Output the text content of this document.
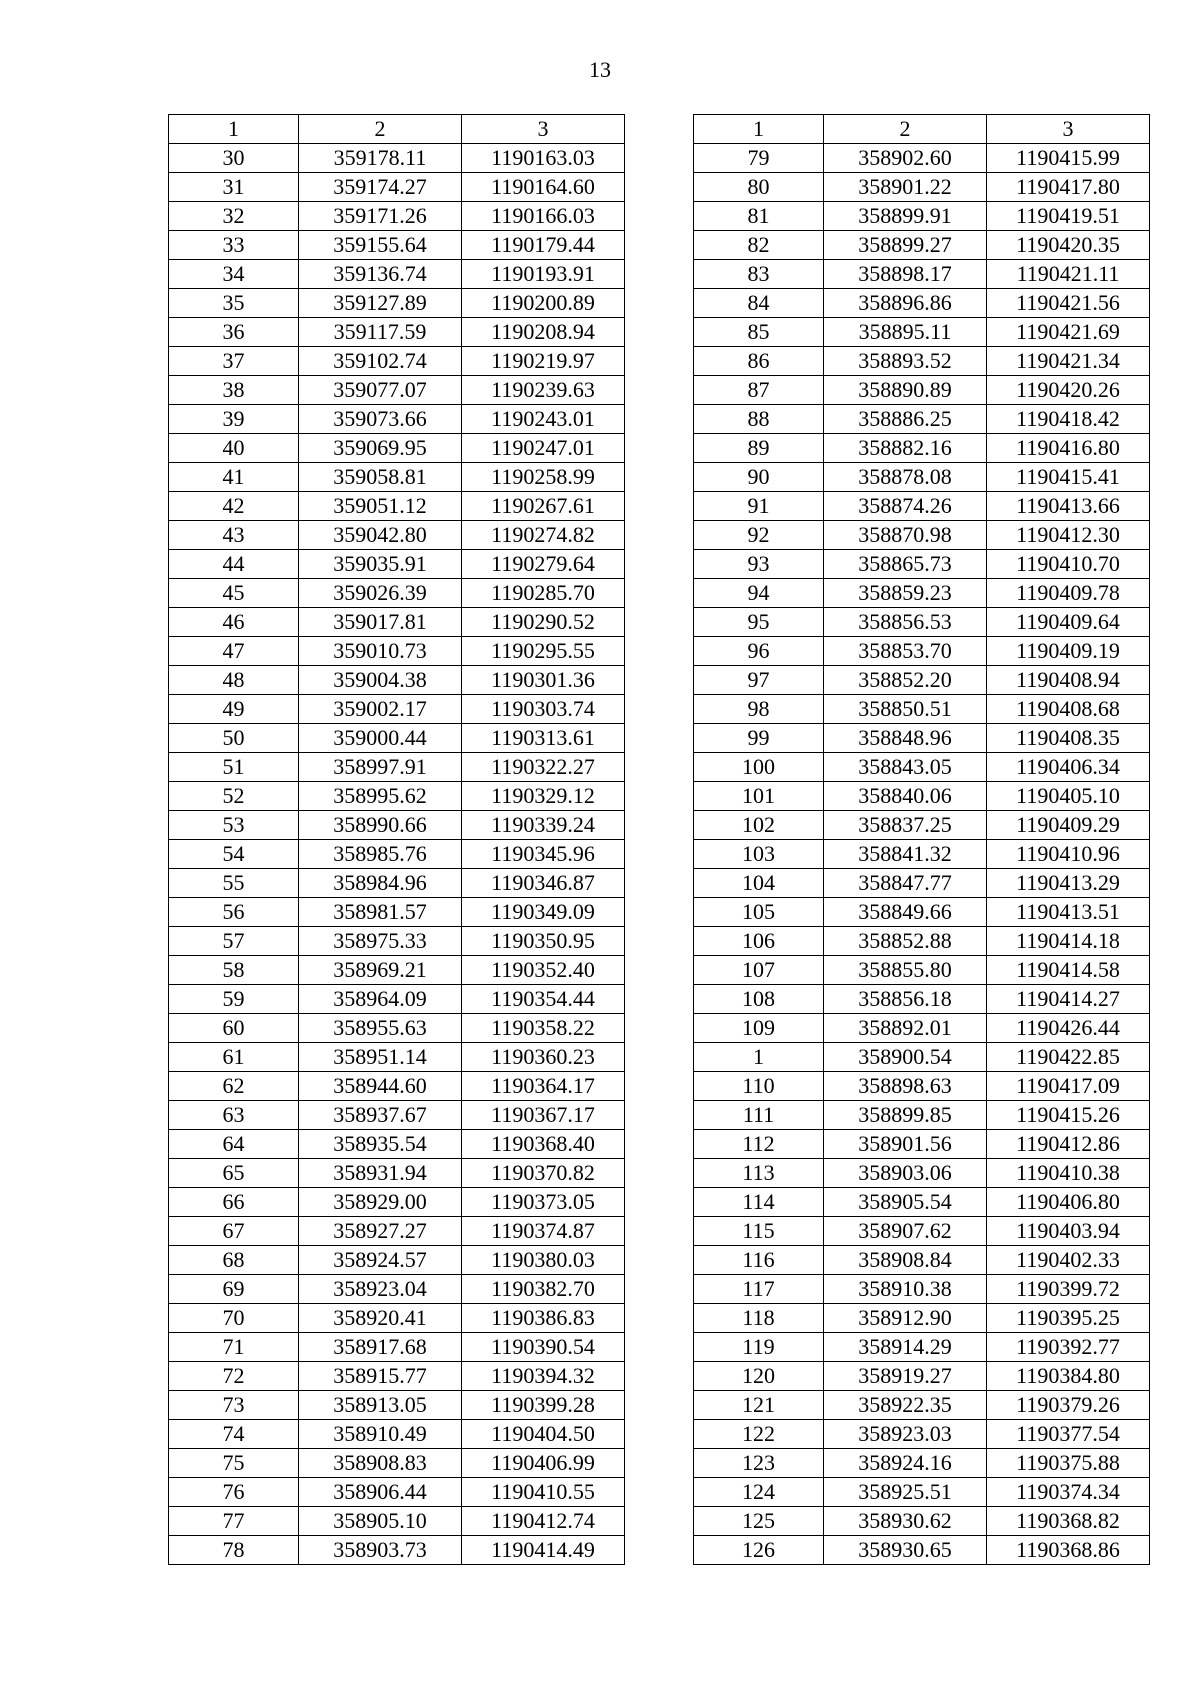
13
1	2	3
30	359178.11	1190163.03
31	359174.27	1190164.60
32	359171.26	1190166.03
33	359155.64	1190179.44
34	359136.74	1190193.91
35	359127.89	1190200.89
36	359117.59	1190208.94
37	359102.74	1190219.97
38	359077.07	1190239.63
39	359073.66	1190243.01
40	359069.95	1190247.01
41	359058.81	1190258.99
42	359051.12	1190267.61
43	359042.80	1190274.82
44	359035.91	1190279.64
45	359026.39	1190285.70
46	359017.81	1190290.52
47	359010.73	1190295.55
48	359004.38	1190301.36
49	359002.17	1190303.74
50	359000.44	1190313.61
51	358997.91	1190322.27
52	358995.62	1190329.12
53	358990.66	1190339.24
54	358985.76	1190345.96
55	358984.96	1190346.87
56	358981.57	1190349.09
57	358975.33	1190350.95
58	358969.21	1190352.40
59	358964.09	1190354.44
60	358955.63	1190358.22
61	358951.14	1190360.23
62	358944.60	1190364.17
63	358937.67	1190367.17
64	358935.54	1190368.40
65	358931.94	1190370.82
66	358929.00	1190373.05
67	358927.27	1190374.87
68	358924.57	1190380.03
69	358923.04	1190382.70
70	358920.41	1190386.83
71	358917.68	1190390.54
72	358915.77	1190394.32
73	358913.05	1190399.28
74	358910.49	1190404.50
75	358908.83	1190406.99
76	358906.44	1190410.55
77	358905.10	1190412.74
78	358903.73	1190414.49
1	2	3
79	358902.60	1190415.99
80	358901.22	1190417.80
81	358899.91	1190419.51
82	358899.27	1190420.35
83	358898.17	1190421.11
84	358896.86	1190421.56
85	358895.11	1190421.69
86	358893.52	1190421.34
87	358890.89	1190420.26
88	358886.25	1190418.42
89	358882.16	1190416.80
90	358878.08	1190415.41
91	358874.26	1190413.66
92	358870.98	1190412.30
93	358865.73	1190410.70
94	358859.23	1190409.78
95	358856.53	1190409.64
96	358853.70	1190409.19
97	358852.20	1190408.94
98	358850.51	1190408.68
99	358848.96	1190408.35
100	358843.05	1190406.34
101	358840.06	1190405.10
102	358837.25	1190409.29
103	358841.32	1190410.96
104	358847.77	1190413.29
105	358849.66	1190413.51
106	358852.88	1190414.18
107	358855.80	1190414.58
108	358856.18	1190414.27
109	358892.01	1190426.44
1	358900.54	1190422.85
110	358898.63	1190417.09
111	358899.85	1190415.26
112	358901.56	1190412.86
113	358903.06	1190410.38
114	358905.54	1190406.80
115	358907.62	1190403.94
116	358908.84	1190402.33
117	358910.38	1190399.72
118	358912.90	1190395.25
119	358914.29	1190392.77
120	358919.27	1190384.80
121	358922.35	1190379.26
122	358923.03	1190377.54
123	358924.16	1190375.88
124	358925.51	1190374.34
125	358930.62	1190368.82
126	358930.65	1190368.86
